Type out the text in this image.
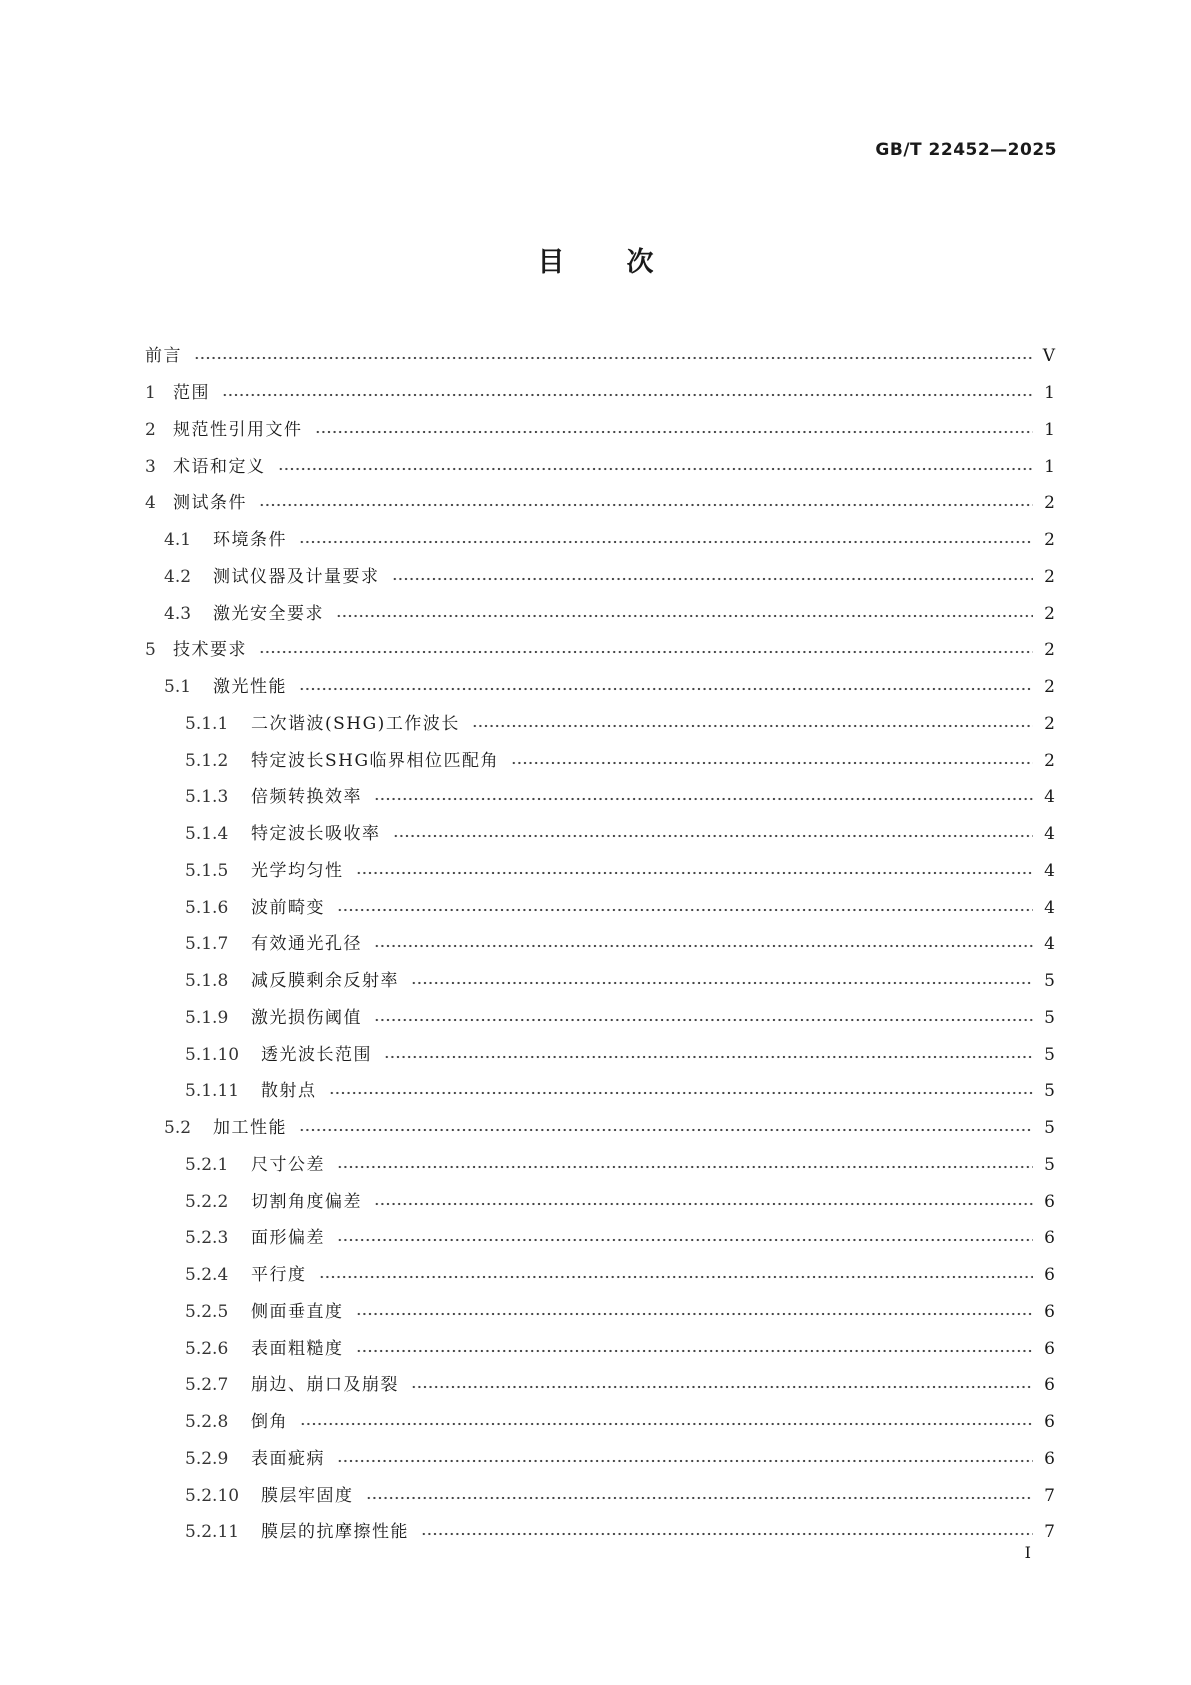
GB/T 22452—2025
目次
前言	V
1	范围	1
2	规范性引用文件	1
3	术语和定义	1
4	测试条件	2
4.1	环境条件	2
4.2	测试仪器及计量要求	2
4.3	激光安全要求	2
5	技术要求	2
5.1	激光性能	2
5.1.1	二次谐波(SHG)工作波长	2
5.1.2	特定波长SHG临界相位匹配角	2
5.1.3	倍频转换效率	4
5.1.4	特定波长吸收率	4
5.1.5	光学均匀性	4
5.1.6	波前畸变	4
5.1.7	有效通光孔径	4
5.1.8	减反膜剩余反射率	5
5.1.9	激光损伤阈值	5
5.1.10	透光波长范围	5
5.1.11	散射点	5
5.2	加工性能	5
5.2.1	尺寸公差	5
5.2.2	切割角度偏差	6
5.2.3	面形偏差	6
5.2.4	平行度	6
5.2.5	侧面垂直度	6
5.2.6	表面粗糙度	6
5.2.7	崩边、崩口及崩裂	6
5.2.8	倒角	6
5.2.9	表面疵病	6
5.2.10	膜层牢固度	7
5.2.11	膜层的抗摩擦性能	7
I
